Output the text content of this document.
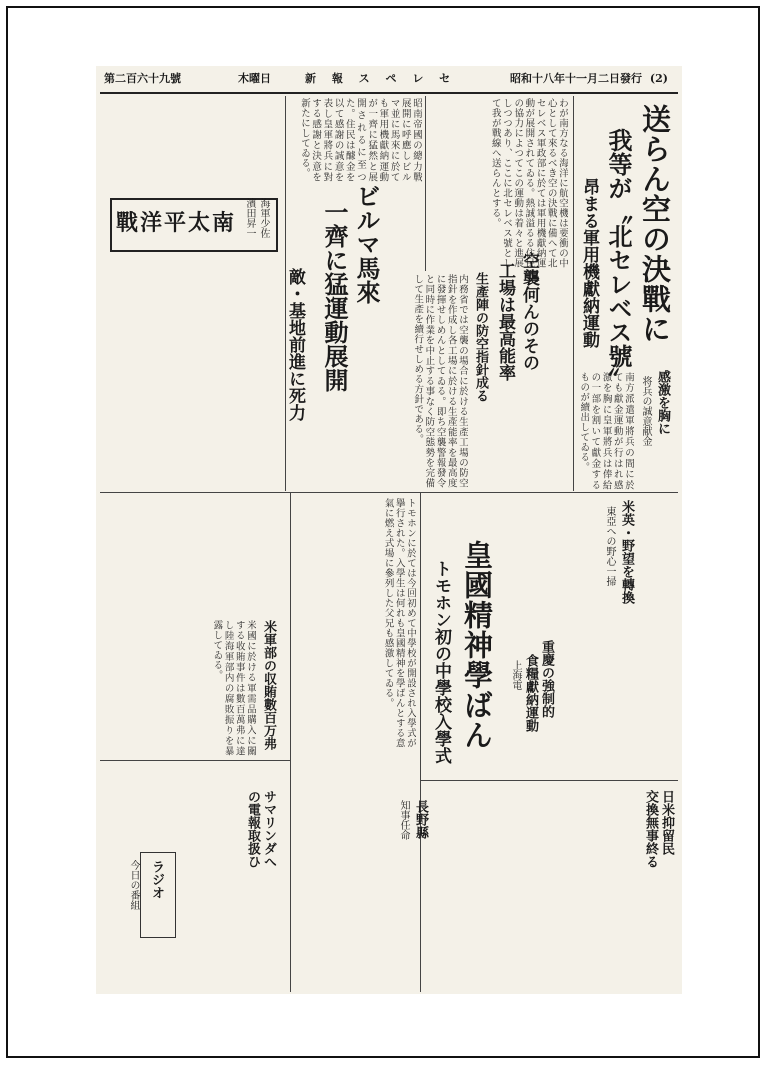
(2)
昭和十八年十一月二日發行
新 報 ス ペ レ セ
木曜日
第二百六十九號
送らん空の決戰に
我等が〝北セレベス號〟
昂まる軍用機獻納運動
わが南方なる海洋に航空機は要衝の中心として來るべき空の決戰に備へて北セレベス軍政部に於ては軍用機獻納運動が展開されてゐる。熱誠溢るる住民の協力によつてこの運動は着々と進展しつつあり、ここに北セレベス號として我が戰線へ送らんとする。
感激を胸に
将兵の誠意献金
南方派遣軍將兵の間に於ても獻金運動が行はれ感激を胸に皇軍將兵は俸給の一部を割いて獻金するものが續出してゐる。
空襲何んのその
工場は最高能率
生產陣の防空指針成る
内務省では空襲の場合に於ける生產工場の防空指針を作成し各工場に於ける生產能率を最高度に發揮せしめんとしてゐる。即ち空襲警報發令と同時に作業を中止する事なく防空態勢を完備して生產を續行せしめる方針である。
ビルマ馬來
一齊に猛運動展開
昭南帝國の總力戰展開に呼應しビルマ並に馬來に於ても軍用機獻納運動が一齊に猛然と展開されるに至つた。住民は醵金を以て感謝の誠意を表し皇軍將兵に對する感謝と決意を新たにしてゐる。
南太平洋戰 海軍少佐
濱田昇一
敵・基地前進に死力
米英・野望を轉換
東亞への野心一掃
皇國精神學ばん
トモホン初の中學校入學式
トモホンに於ては今回初めて中學校が開設され入學式が擧行された。入學生は何れも皇國精神を學ばんとする意氣に燃え式場に參列した父兄も感激してゐる。	重慶の強制的
食糧獻納運動
上海電
米軍部の収賄數百万弗
米國に於ける軍需品購入に關する收賄事件は數百萬弗に達し陸海軍部内の腐敗振りを暴露してゐる。
日米抑留民
交換無事終る
サマリンダへ
の電報取扱ひ
ラジオ
今日の番組
長野縣
知事任命
